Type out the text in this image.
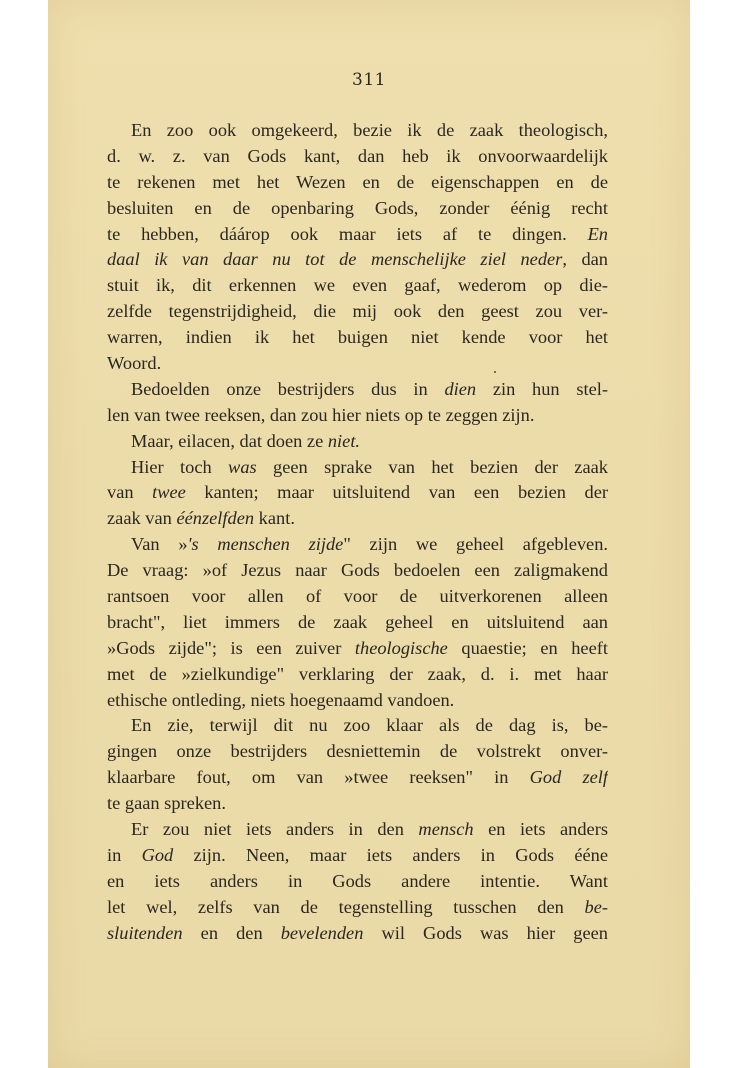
311
En zoo ook omgekeerd, bezie ik de zaak theologisch,
d. w. z. van Gods kant, dan heb ik onvoorwaardelijk
te rekenen met het Wezen en de eigenschappen en de
besluiten en de openbaring Gods, zonder éénig recht
te hebben, dáárop ook maar iets af te dingen. En
daal ik van daar nu tot de menschelijke ziel neder, dan
stuit ik, dit erkennen we even gaaf, wederom op die-
zelfde tegenstrijdigheid, die mij ook den geest zou ver-
warren, indien ik het buigen niet kende voor het
Woord.
Bedoelden onze bestrijders dus in dien zin hun stel-
len van twee reeksen, dan zou hier niets op te zeggen zijn.
Maar, eilacen, dat doen ze niet.
Hier toch was geen sprake van het bezien der zaak
van twee kanten; maar uitsluitend van een bezien der
zaak van éénzelfden kant.
Van »'s menschen zijde" zijn we geheel afgebleven.
De vraag: »of Jezus naar Gods bedoelen een zaligmakend
rantsoen voor allen of voor de uitverkorenen alleen
bracht", liet immers de zaak geheel en uitsluitend aan
»Gods zijde"; is een zuiver theologische quaestie; en heeft
met de »zielkundige" verklaring der zaak, d. i. met haar
ethische ontleding, niets hoegenaamd vandoen.
En zie, terwijl dit nu zoo klaar als de dag is, be-
gingen onze bestrijders desniettemin de volstrekt onver-
klaarbare fout, om van »twee reeksen" in God zelf
te gaan spreken.
Er zou niet iets anders in den mensch en iets anders
in God zijn. Neen, maar iets anders in Gods éénе
en iets anders in Gods andere intentie. Want
let wel, zelfs van de tegenstelling tusschen den be-
sluitenden en den bevelenden wil Gods was hier geen
